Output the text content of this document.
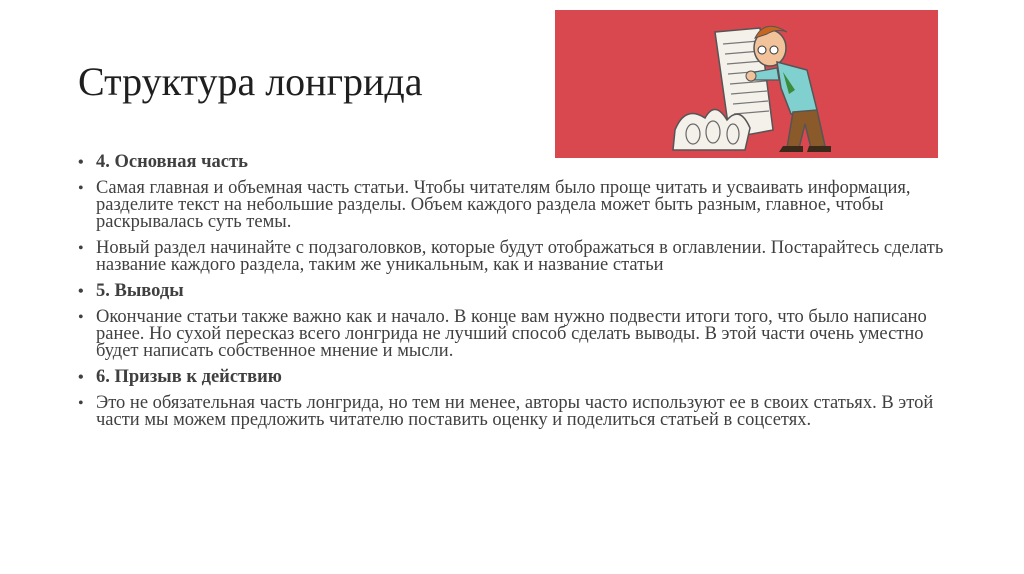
Структура лонгрида
• 4. Основная часть
• Самая главная и объемная часть статьи. Чтобы читателям было проще читать и усваивать информация, разделите текст на небольшие разделы. Объем каждого раздела может быть разным, главное, чтобы раскрывалась суть темы.
• Новый раздел начинайте с подзаголовков, которые будут отображаться в оглавлении. Постарайтесь сделать название каждого раздела, таким же уникальным, как и название статьи
• 5. Выводы
• Окончание статьи также важно как и начало. В конце вам нужно подвести итоги того, что было написано ранее. Но сухой пересказ всего лонгрида не лучший способ сделать выводы. В этой части очень уместно будет написать собственное мнение и мысли.
• 6. Призыв к действию
• Это не обязательная часть лонгрида, но тем ни менее, авторы часто используют ее в своих статьях. В этой части мы можем предложить читателю поставить оценку и поделиться статьей в соцсетях.
